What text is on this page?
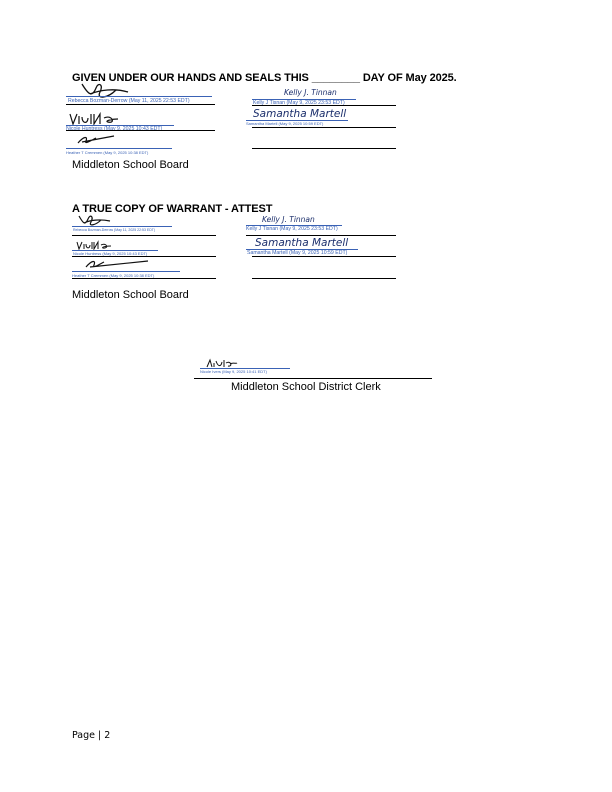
GIVEN UNDER OUR HANDS AND SEALS THIS ________ DAY OF May 2025.
Rebecca Bozman-Derrow (May 11, 2025 22:53 EDT)
Kelly J. Tinnan
Kelly J Tisnan (May 9, 2025 23:53 EDT)
Nicole Huntress (May 9, 2025 10:43 EDT)
Samantha Martell
Samantha Martell (May 9, 2025 10:59 EDT)
Heather T Cremmen (May 9, 2025 10:38 EDT)
Middleton School Board
A TRUE COPY OF WARRANT - ATTEST
Rebecca Bozman-Derrow (May 11, 2025 22:53 EDT)
Kelly J. Tinnan
Kelly J Tisnan (May 9, 2025 23:53 EDT)
Nicole Huntress (May 9, 2025 10:43 EDT)
Samantha Martell
Samantha Martell (May 9, 2025 10:59 EDT)
Heather T Cremmen (May 9, 2025 10:38 EDT)
Middleton School Board
Nicole Ivers (May 9, 2025 10:41 EDT)
Middleton School District Clerk
Page | 2
